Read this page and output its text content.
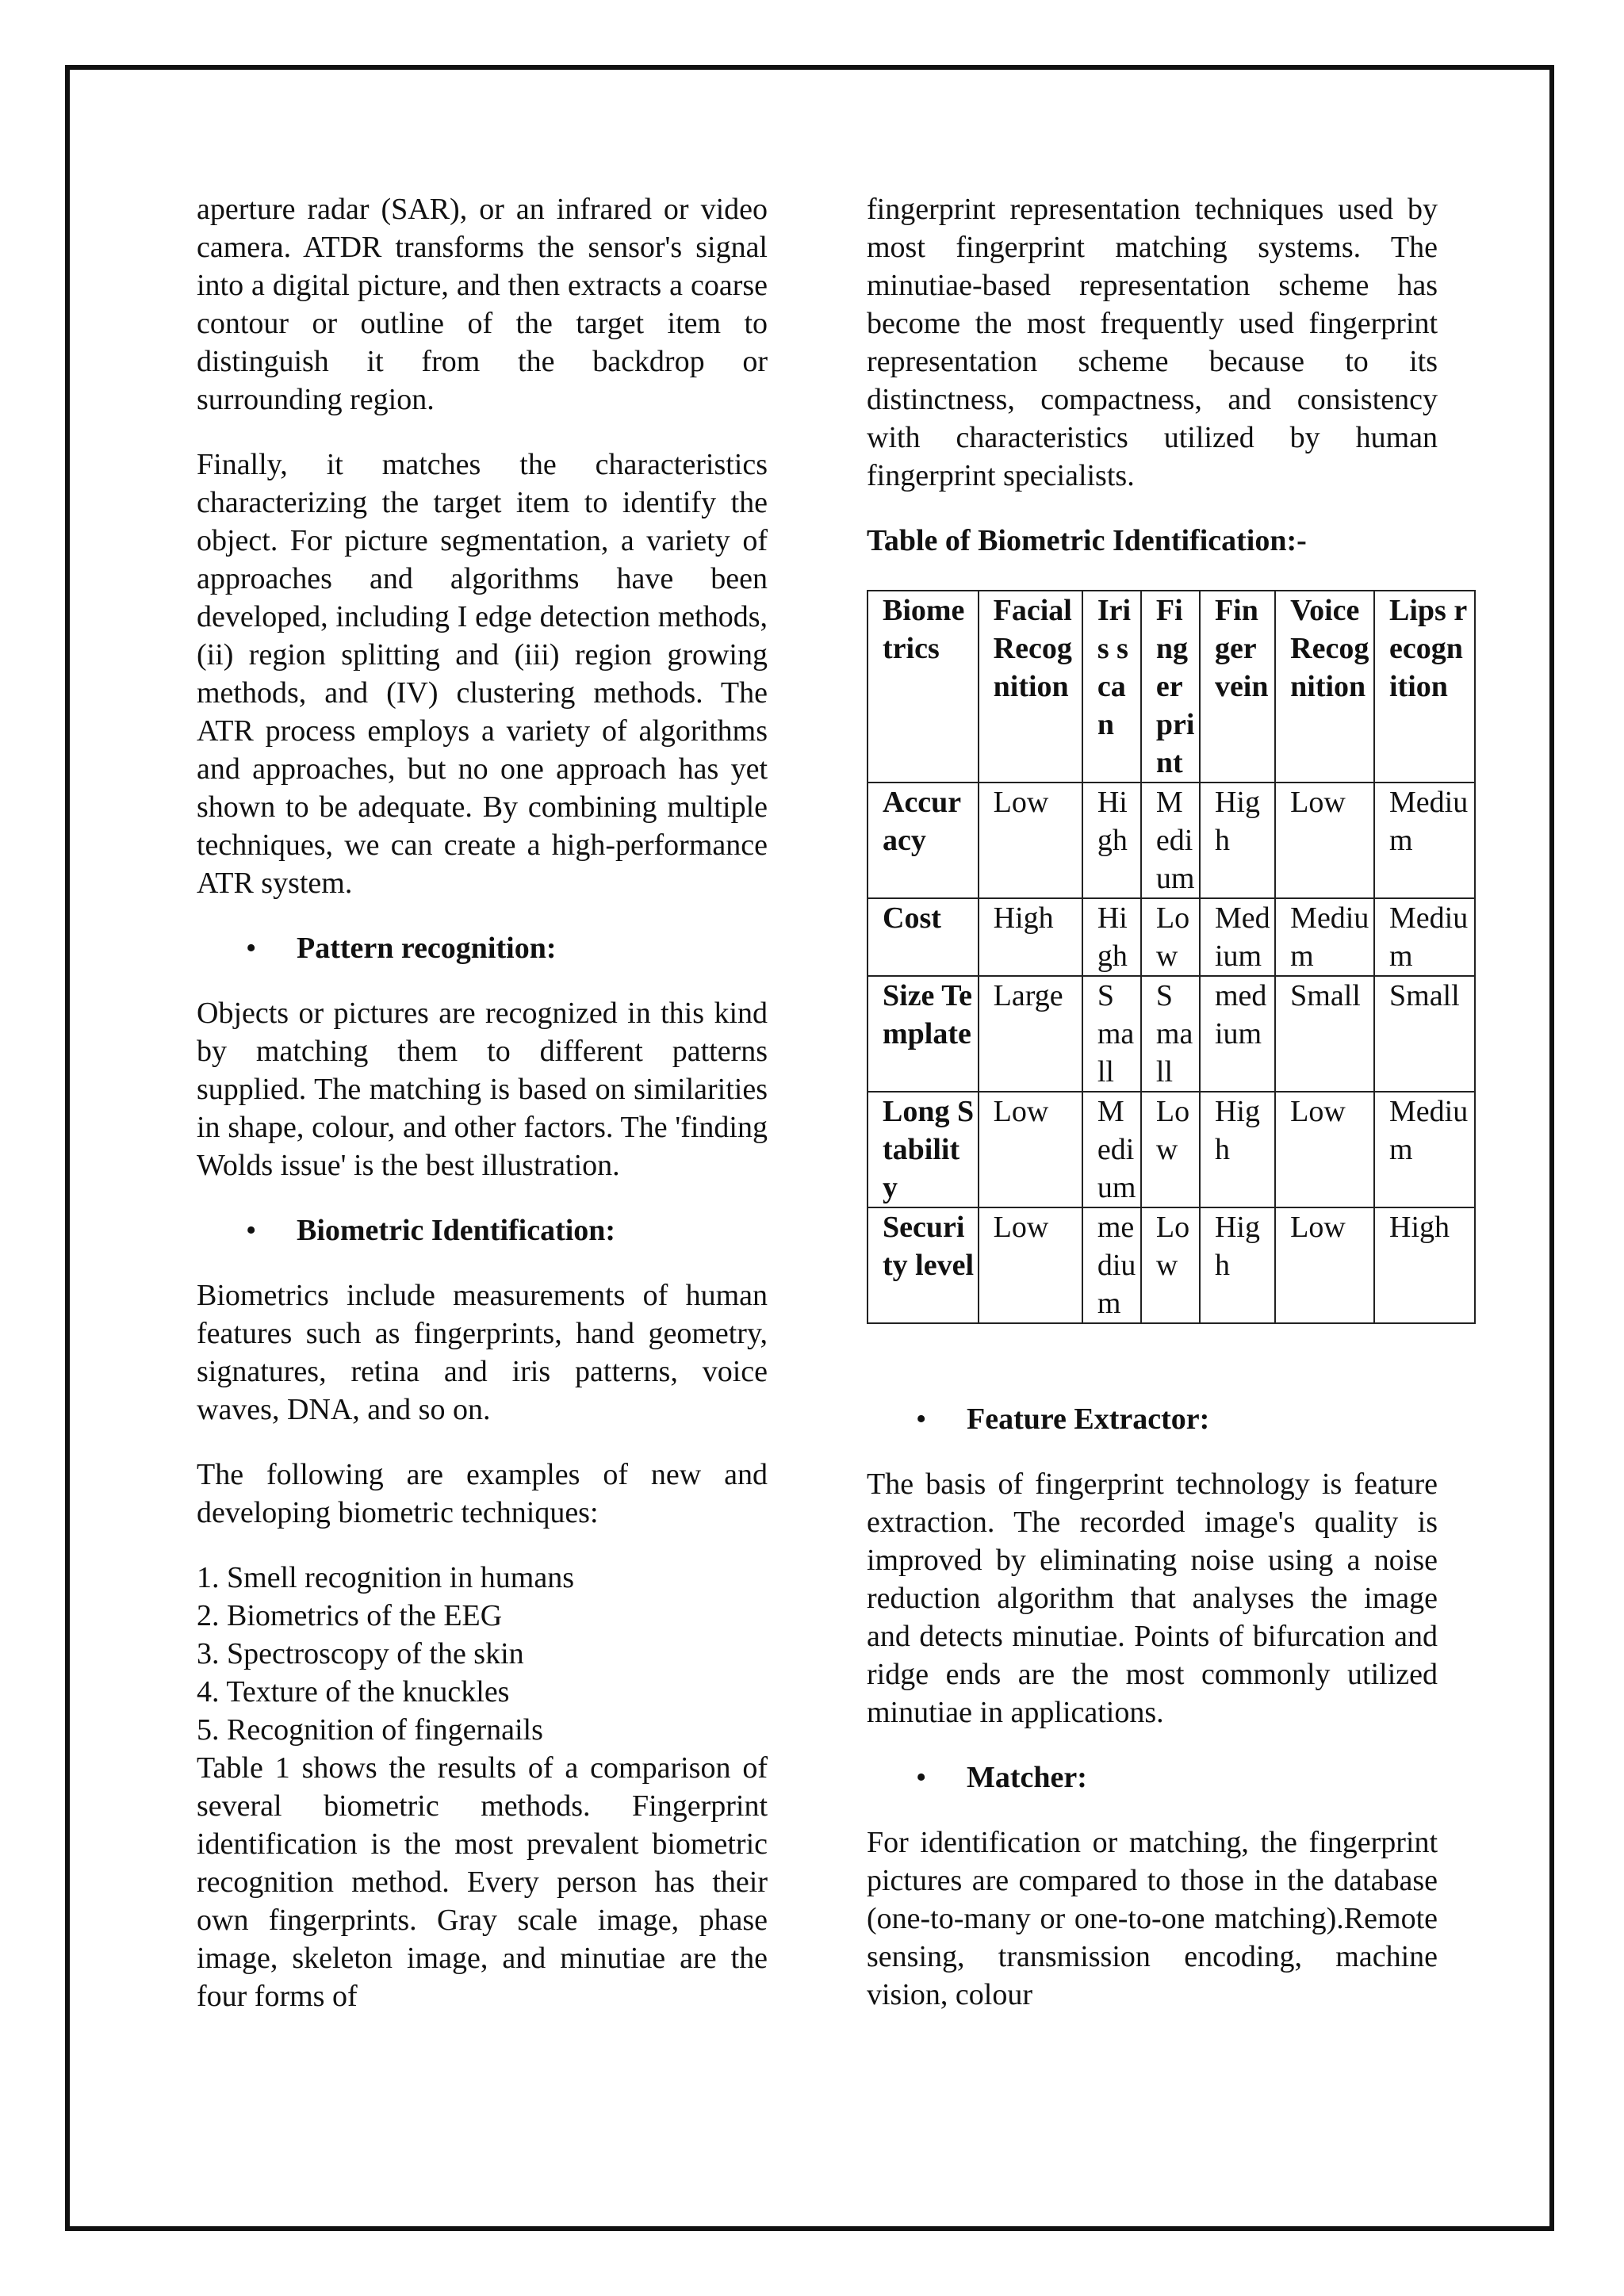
aperture radar (SAR), or an infrared or video camera. ATDR transforms the sensor's signal into a digital picture, and then extracts a coarse contour or outline of the target item to distinguish it from the backdrop or surrounding region.

Finally, it matches the characteristics characterizing the target item to identify the object. For picture segmentation, a variety of approaches and algorithms have been developed, including I edge detection methods, (ii) region splitting and (iii) region growing methods, and (IV) clustering methods. The ATR process employs a variety of algorithms and approaches, but no one approach has yet shown to be adequate. By combining multiple techniques, we can create a high-performance ATR system.

•	Pattern recognition:

Objects or pictures are recognized in this kind by matching them to different patterns supplied. The matching is based on similarities in shape, colour, and other factors. The 'finding Wolds issue' is the best illustration.

•	Biometric Identification:

Biometrics include measurements of human features such as fingerprints, hand geometry, signatures, retina and iris patterns, voice waves, DNA, and so on.

The following are examples of new and developing biometric techniques:

1. Smell recognition in humans
2. Biometrics of the EEG
3. Spectroscopy of the skin
4. Texture of the knuckles
5. Recognition of fingernails

Table 1 shows the results of a comparison of several biometric methods. Fingerprint identification is the most prevalent biometric recognition method. Every person has their own fingerprints. Gray scale image, phase image, skeleton image, and minutiae are the four forms of

fingerprint representation techniques used by most fingerprint matching systems. The minutiae-based representation scheme has become the most frequently used fingerprint representation scheme because to its distinctness, compactness, and consistency with characteristics utilized by human fingerprint specialists.

Table of Biometric Identification:-
Biometrics	Facial Recognition	Iris scan	Finger print	Finger vein	Voice Recognition	Lips recognition
Accuracy	Low	High	Medium	High	Low	Medium
Cost	High	High	Low	Medium	Medium	Medium
Size Template	Large	Small	Small	medium	Small	Small
Long Stability	Low	Medium	Low	High	Low	Medium
Security level	Low	medium	Low	High	Low	High
•	Feature Extractor:

The basis of fingerprint technology is feature extraction. The recorded image's quality is improved by eliminating noise using a noise reduction algorithm that analyses the image and detects minutiae. Points of bifurcation and ridge ends are the most commonly utilized minutiae in applications.

•	Matcher:

For identification or matching, the fingerprint pictures are compared to those in the database (one-to-many or one-to-one matching).Remote sensing, transmission encoding, machine vision, colour
